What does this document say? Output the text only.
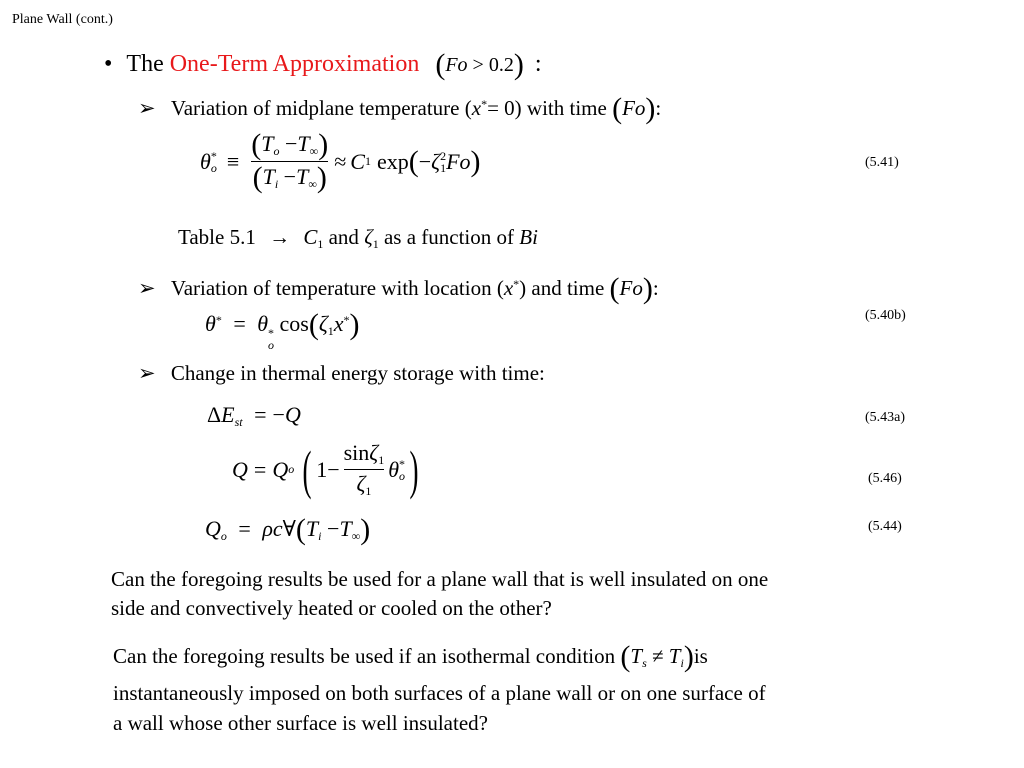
Plane Wall (cont.)
• The One-Term Approximation (Fo > 0.2) :
➢ Variation of midplane temperature (x*= 0) with time (Fo):
θ *
$o \equiv \frac{(T_o -T_\infty)}{(T_i -T_\infty)} \approx C$ 1 exp ( − ζ 2
1 Fo )	(5.41)
Table $5.1 \to C_1$ and $\zeta_1$ as a function of Bi
➢ Variation of temperature with location (x*) and time (Fo):
θ* = θ *
o
$\cos(\zeta_1x^*)$	(5.40b)
➢ Change in thermal energy storage with time:
$\Delta E_{st} = -Q$	(5.43a)
Q = Q o ( $1 - \frac{\sin\zeta_1}{\zeta_1}$ θ *
o )	(5.46)
$Q_o$ = $\rho c\forall(T_i -T_\infty)$	(5.44)
Can the foregoing results be used for a plane wall that is well insulated on one
side and convectively heated or cooled on the other?
Can the foregoing results be used if an isothermal condition $(T_s \ne T_i)is$
instantaneously imposed on both surfaces of a plane wall or on one surface of
a wall whose other surface is well insulated?
